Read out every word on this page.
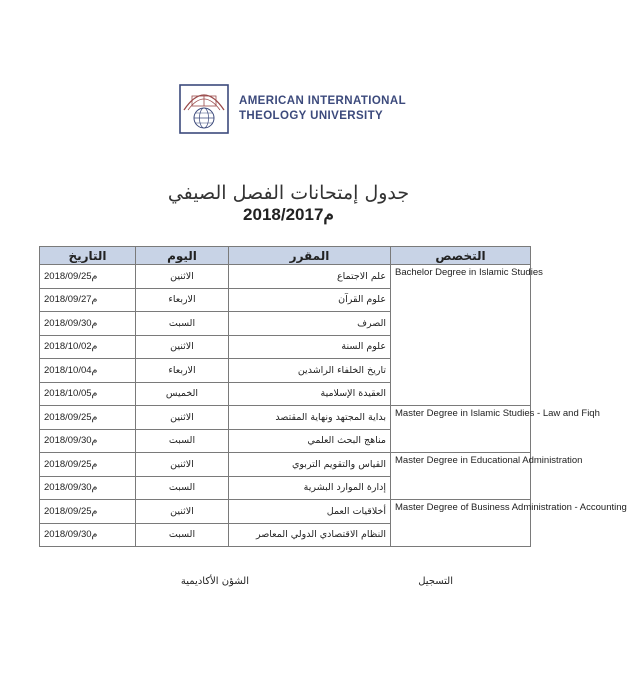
AMERICAN INTERNATIONAL
THEOLOGY UNIVERSITY
جدول إمتحانات الفصل الصيفي
2018/2017م
التاريخ	اليوم	المقرر	التخصص
2018/09/25م	الاثنين	علم الاجتماع	Bachelor Degree in Islamic Studies
2018/09/27م	الاربعاء	علوم القرآن	
2018/09/30م	السبت	الصرف	
2018/10/02م	الاثنين	علوم السنة	
2018/10/04م	الاربعاء	تاريخ الخلفاء الراشدين	
2018/10/05م	الخميس	العقيدة الإسلامية	
2018/09/25م	الاثنين	بداية المجتهد ونهاية المقتصد	Master Degree in Islamic Studies - Law and Fiqh
2018/09/30م	السبت	مناهج البحث العلمي	
2018/09/25م	الاثنين	القياس والتقويم التربوي	Master Degree in Educational Administration
2018/09/30م	السبت	إدارة الموارد البشرية	
2018/09/25م	الاثنين	أخلاقيات العمل	Master Degree of Business Administration - Accounting
2018/09/30م	السبت	النظام الاقتصادي الدولي المعاصر	
التسجيل
الشؤن الأكاديمية
